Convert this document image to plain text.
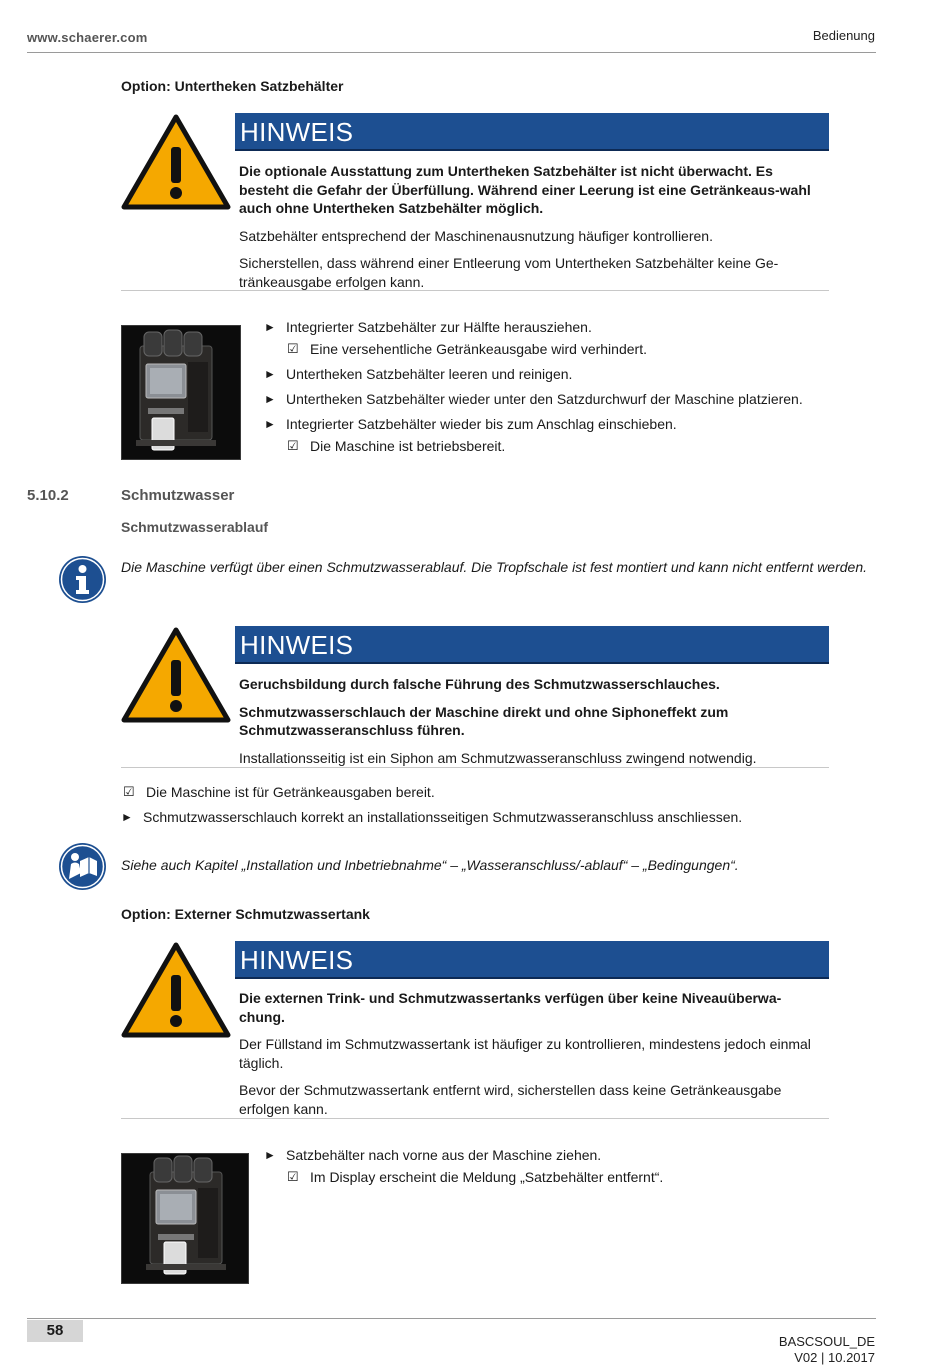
www.schaerer.com	Bedienung
Option: Untertheken Satzbehälter
HINWEIS

Die optionale Ausstattung zum Untertheken Satzbehälter ist nicht überwacht. Es besteht die Gefahr der Überfüllung. Während einer Leerung ist eine Getränkeaus-wahl auch ohne Untertheken Satzbehälter möglich.

Satzbehälter entsprechend der Maschinenausnutzung häufiger kontrollieren.

Sicherstellen, dass während einer Entleerung vom Untertheken Satzbehälter keine Ge-tränkeausgabe erfolgen kann.

► Integrierter Satzbehälter zur Hälfte herausziehen.
☑ Eine versehentliche Getränkeausgabe wird verhindert.
► Untertheken Satzbehälter leeren und reinigen.
► Untertheken Satzbehälter wieder unter den Satzdurchwurf der Maschine platzieren.
► Integrierter Satzbehälter wieder bis zum Anschlag einschieben.
☑ Die Maschine ist betriebsbereit.
5.10.2	Schmutzwasser
Schmutzwasserablauf
Die Maschine verfügt über einen Schmutzwasserablauf. Die Tropfschale ist fest montiert und kann nicht entfernt werden.
HINWEIS

Geruchsbildung durch falsche Führung des Schmutzwasserschlauches.

Schmutzwasserschlauch der Maschine direkt und ohne Siphoneffekt zum Schmutzwasseranschluss führen.

Installationsseitig ist ein Siphon am Schmutzwasseranschluss zwingend notwendig.

☑ Die Maschine ist für Getränkeausgaben bereit.
► Schmutzwasserschlauch korrekt an installationsseitigen Schmutzwasseranschluss anschliessen.
Siehe auch Kapitel „Installation und Inbetriebnahme“ – „Wasseranschluss/-ablauf“ – „Bedingungen“.
Option: Externer Schmutzwassertank
HINWEIS

Die externen Trink- und Schmutzwassertanks verfügen über keine Niveauüberwa-chung.

Der Füllstand im Schmutzwassertank ist häufiger zu kontrollieren, mindestens jedoch einmal täglich.

Bevor der Schmutzwassertank entfernt wird, sicherstellen dass keine Getränkeausgabe erfolgen kann.

► Satzbehälter nach vorne aus der Maschine ziehen.
☑ Im Display erscheint die Meldung „Satzbehälter entfernt“.
58
BASCSOUL_DE
V02 | 10.2017
